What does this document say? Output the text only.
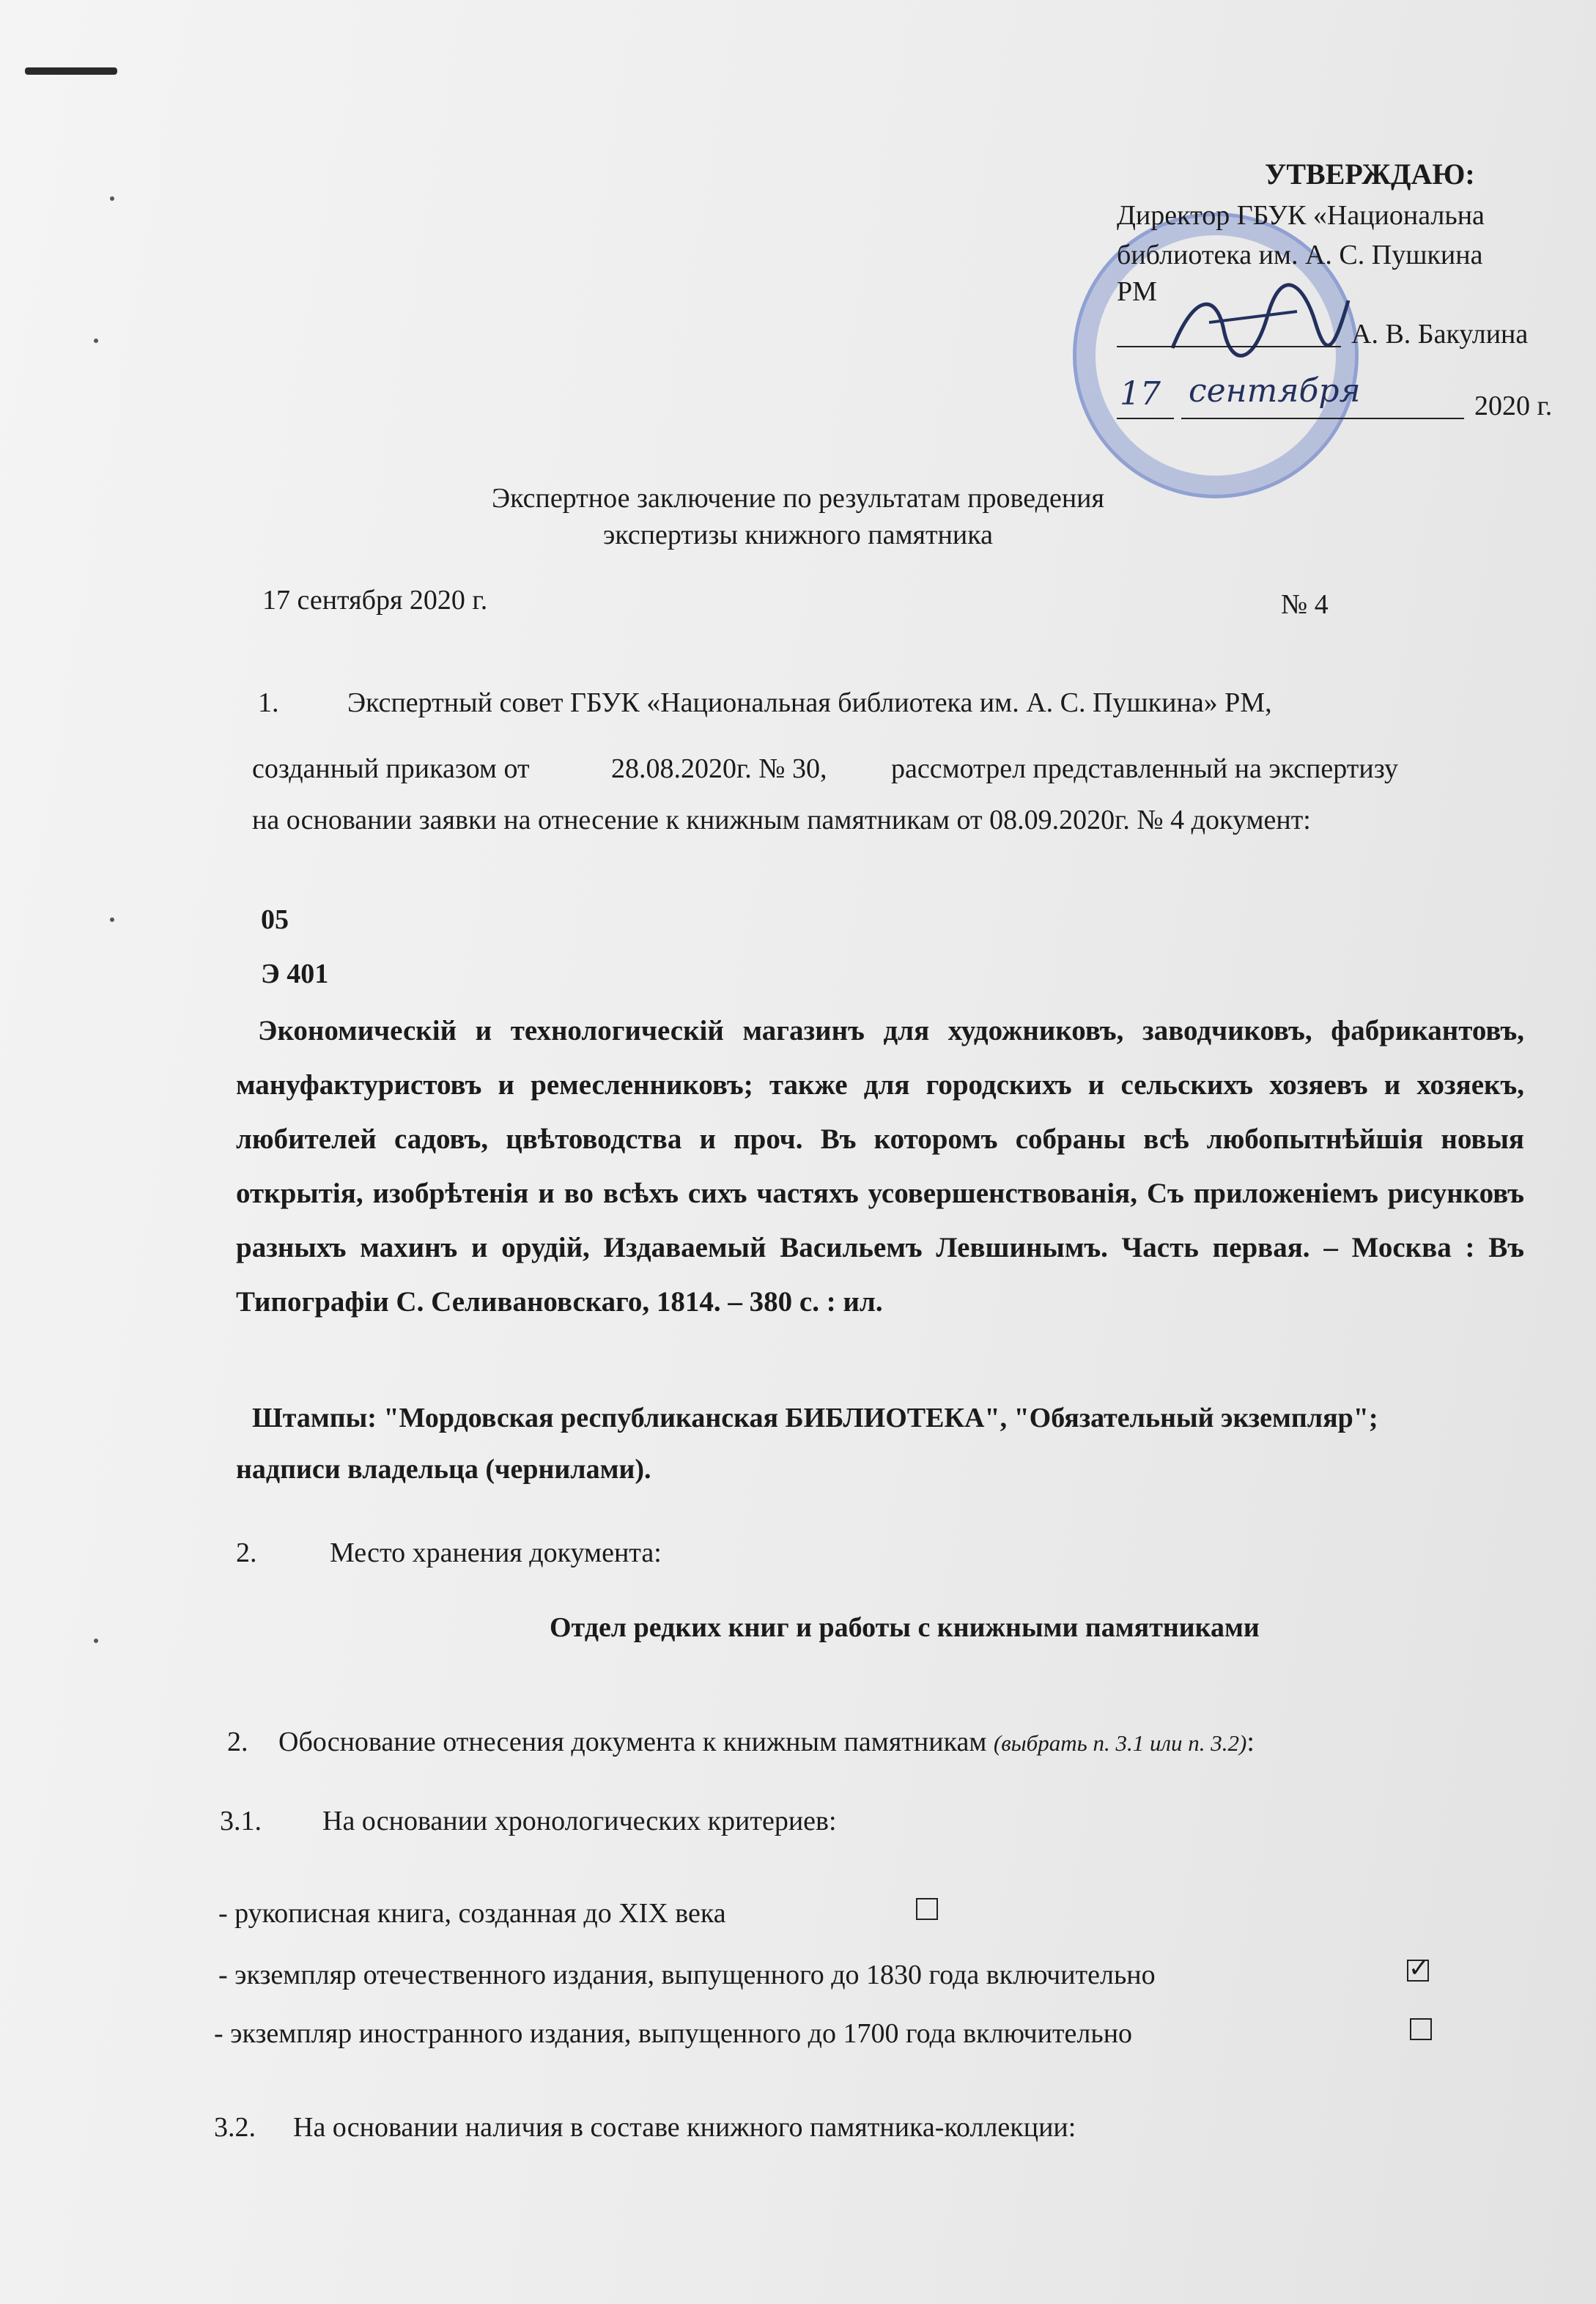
УТВЕРЖДАЮ:
Директор ГБУК «Национальна
библиотека им. А. С. Пушкина
РМ
А. В. Бакулина
17 сентября	2020 г.
Экспертное заключение по результатам проведения
экспертизы книжного памятника
17 сентября 2020 г.	№ 4
1. Экспертный совет ГБУК «Национальная библиотека им. А. С. Пушкина» РМ,
созданный приказом от	28.08.2020г. № 30, рассмотрел представленный на экспертизу
на основании заявки на отнесение к книжным памятникам от 08.09.2020г. № 4 документ:
05
Э 401
Экономическiй и технологическiй магазинъ для художниковъ, заводчиковъ, фабрикантовъ, мануфактуристовъ и ремесленниковъ; также для городскихъ и сельскихъ хозяевъ и хозяекъ, любителей садовъ, цвѣтоводства и проч. Въ которомъ собраны всѣ любопытнѣйшiя новыя открытiя, изобрѣтенiя и во всѣхъ сихъ частяхъ усовершенствованiя, Съ приложенiемъ рисунковъ разныхъ махинъ и орудiй, Издаваемый Васильемъ Левшинымъ. Часть первая. – Москва : Въ Типографiи С. Селивановскаго, 1814. – 380 с. : ил.
Штампы: "Мордовская республиканская БИБЛИОТЕКА", "Обязательный экземпляр";
надписи владельца (чернилами).
2.	Место хранения документа:
Отдел редких книг и работы с книжными памятниками
2. Обоснование отнесения документа к книжным памятникам (выбрать п. 3.1 или п. 3.2):
3.1. На основании хронологических критериев:
- рукописная книга, созданная до XIX века
- экземпляр отечественного издания, выпущенного до 1830 года включительно	✓
- экземпляр иностранного издания, выпущенного до 1700 года включительно
3.2. На основании наличия в составе книжного памятника-коллекции:
